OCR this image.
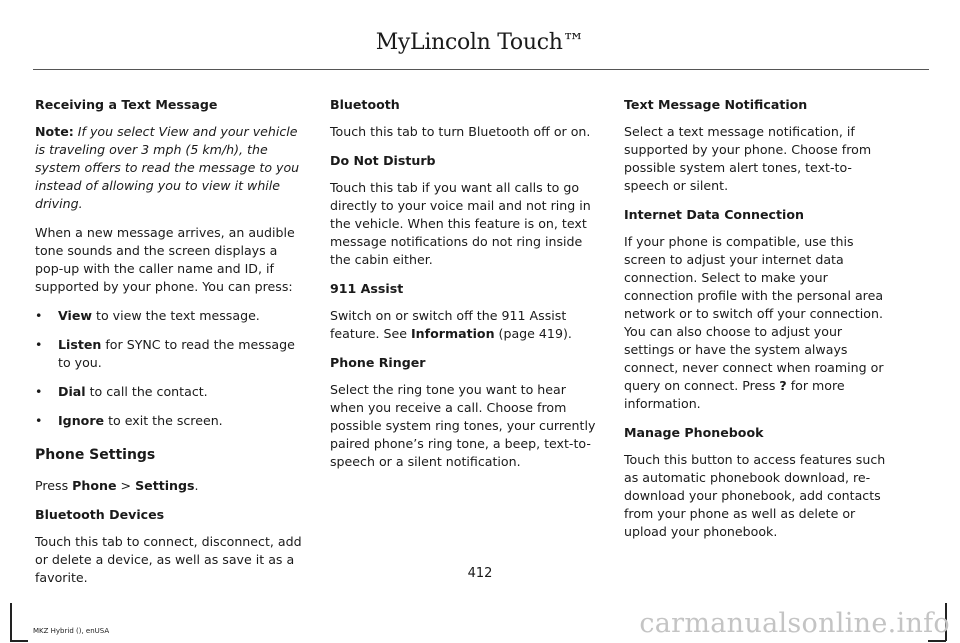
MyLincoln Touch™

Receiving a Text Message

Note: If you select View and your vehicle is traveling over 3 mph (5 km/h), the system offers to read the message to you instead of allowing you to view it while driving.

When a new message arrives, an audible tone sounds and the screen displays a pop-up with the caller name and ID, if supported by your phone. You can press:

• View to view the text message.
• Listen for SYNC to read the message to you.
• Dial to call the contact.
• Ignore to exit the screen.
Phone Settings

Press Phone > Settings.

Bluetooth Devices

Touch this tab to connect, disconnect, add or delete a device, as well as save it as a favorite.

Bluetooth

Touch this tab to turn Bluetooth off or on.

Do Not Disturb

Touch this tab if you want all calls to go directly to your voice mail and not ring in the vehicle. When this feature is on, text message notifications do not ring inside the cabin either.

911 Assist

Switch on or switch off the 911 Assist feature. See Information (page 419).

Phone Ringer

Select the ring tone you want to hear when you receive a call. Choose from possible system ring tones, your currently paired phone’s ring tone, a beep, text-to-speech or a silent notification.

Text Message Notification

Select a text message notification, if supported by your phone. Choose from possible system alert tones, text-to-speech or silent.

Internet Data Connection

If your phone is compatible, use this screen to adjust your internet data connection. Select to make your connection profile with the personal area network or to switch off your connection. You can also choose to adjust your settings or have the system always connect, never connect when roaming or query on connect. Press ? for more information.

Manage Phonebook

Touch this button to access features such as automatic phonebook download, re-download your phonebook, add contacts from your phone as well as delete or upload your phonebook.

412
MKZ Hybrid (), enUSA	carmanualsonline.info
